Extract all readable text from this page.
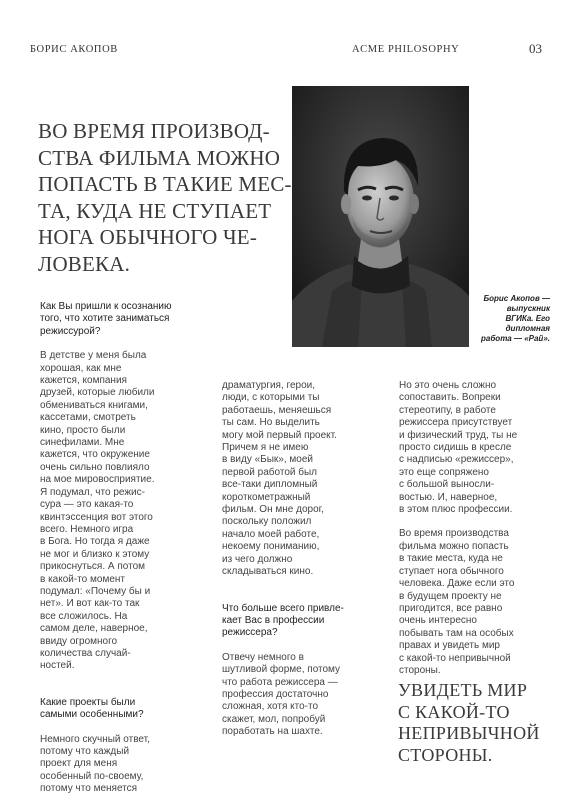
БОРИС АКОПОВ	ACME PHILOSOPHY	03
ВО ВРЕМЯ ПРОИЗВОД-
СТВА ФИЛЬМА МОЖНО
ПОПАСТЬ В ТАКИЕ МЕС-
ТА, КУДА НЕ СТУПАЕТ
НОГА ОБЫЧНОГО ЧЕ-
ЛОВЕКА.
Борис Акопов —
выпускник
ВГИКа. Его
дипломная
работа — «Рай».

Как Вы пришли к осознанию
того, что хотите заниматься
режиссурой?

В детстве у меня была
хорошая, как мне
кажется, компания
друзей, которые любили
обмениваться книгами,
кассетами, смотреть
кино, просто были
синефилами. Мне
кажется, что окружение
очень сильно повлияло
на мое мировосприятие.
Я подумал, что режис-
сура — это какая-то
квинтэссенция вот этого
всего. Немного игра
в Бога. Но тогда я даже
не мог и близко к этому
прикоснуться. А потом
в какой-то момент
подумал: «Почему бы и
нет». И вот как-то так
все сложилось. На
самом деле, наверное,
ввиду огромного
количества случай-
ностей.

Какие проекты были
самыми особенными?

Немного скучный ответ,
потому что каждый
проект для меня
особенный по-своему,
потому что меняется

драматургия, герои,
люди, с которыми ты
работаешь, меняешься
ты сам. Но выделить
могу мой первый проект.
Причем я не имею
в виду «Бык», моей
первой работой был
все-таки дипломный
короткометражный
фильм. Он мне дорог,
поскольку положил
начало моей работе,
некоему пониманию,
из чего должно
складываться кино.

Что больше всего привле-
кает Вас в профессии
режиссера?

Отвечу немного в
шутливой форме, потому
что работа режиссера —
профессия достаточно
сложная, хотя кто-то
скажет, мол, попробуй
поработать на шахте.

Но это очень сложно
сопоставить. Вопреки
стереотипу, в работе
режиссера присутствует
и физический труд, ты не
просто сидишь в кресле
с надписью «режиссер»,
это еще сопряжено
с большой выносли-
востью. И, наверное,
в этом плюс профессии.

Во время производства
фильма можно попасть
в такие места, куда не
ступает нога обычного
человека. Даже если это
в будущем проекту не
пригодится, все равно
очень интересно
побывать там на особых
правах и увидеть мир
с какой-то непривычной
стороны.

УВИДЕТЬ МИР
С КАКОЙ-ТО
НЕПРИВЫЧНОЙ
СТОРОНЫ.
